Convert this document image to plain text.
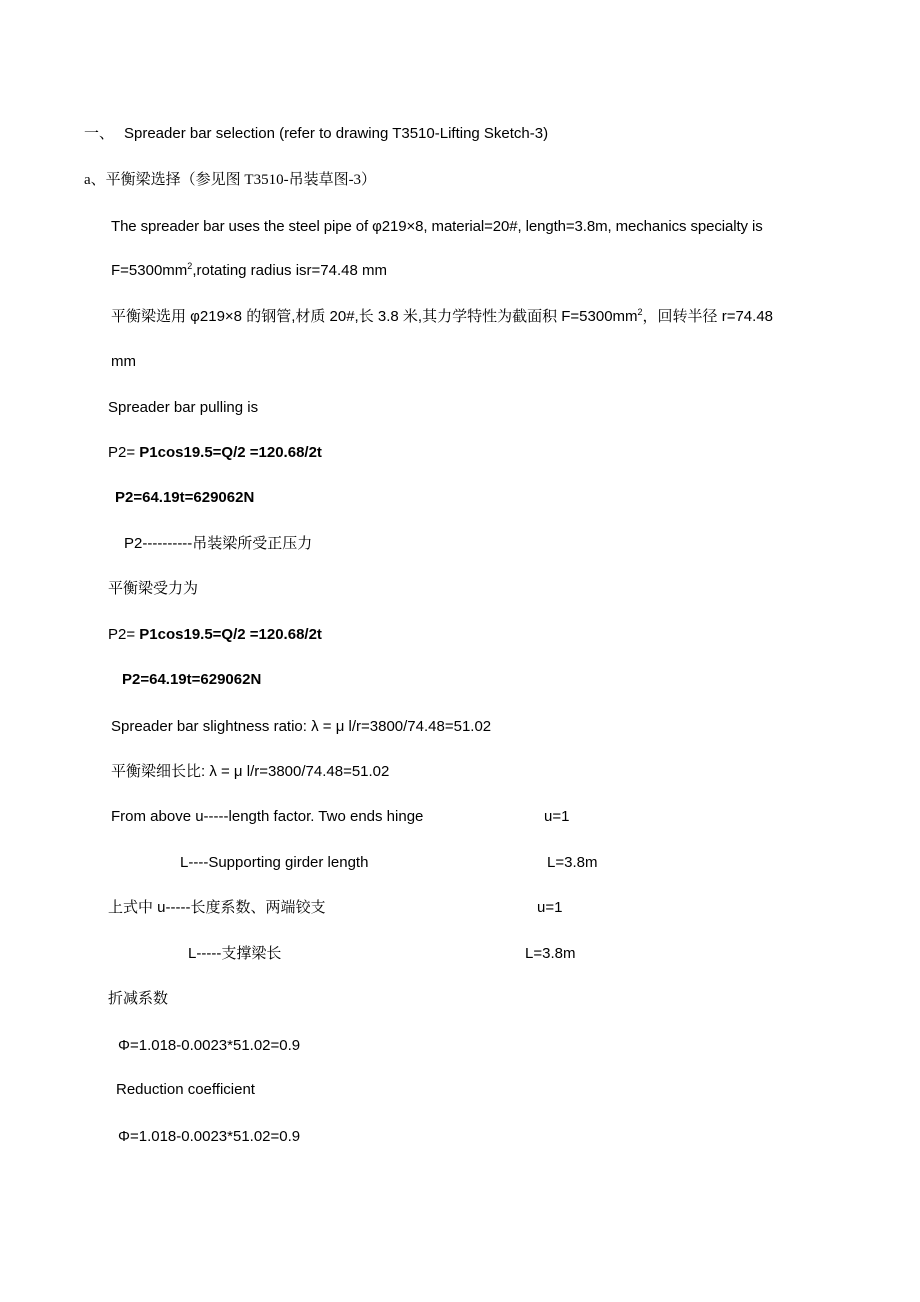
一、 Spreader bar selection (refer to drawing T3510-Lifting Sketch-3)
a、平衡梁选择（参见图 T3510-吊装草图-3）
The spreader bar uses the steel pipe of φ219×8, material=20#, length=3.8m, mechanics specialty is
$F=5300mm^2,rotating$ radius isr=74.48 mm
平衡梁选用 φ219×8 的钢管,材质 20#,长 3.8 米,其力学特性为截面积 $F=5300mm^2$，回转半径 r=74.48
mm
Spreader bar pulling is
P2= P1cos19.5=Q/2 =120.68/2t
P2=64.19t=629062N
P2----------吊装梁所受正压力
平衡梁受力为
P2= P1cos19.5=Q/2 =120.68/2t
P2=64.19t=629062N
Spreader bar slightness ratio: λ = μ l/r=3800/74.48=51.02
平衡梁细长比: λ = μ l/r=3800/74.48=51.02
From above u-----length factor. Two ends hinge	u=1
L----Supporting girder length	L=3.8m
上式中 u-----长度系数、两端铰支	u=1
L-----支撑梁长	L=3.8m
折减系数
Φ=1.018-0.0023*51.02=0.9
Reduction coefficient
Φ=1.018-0.0023*51.02=0.9
